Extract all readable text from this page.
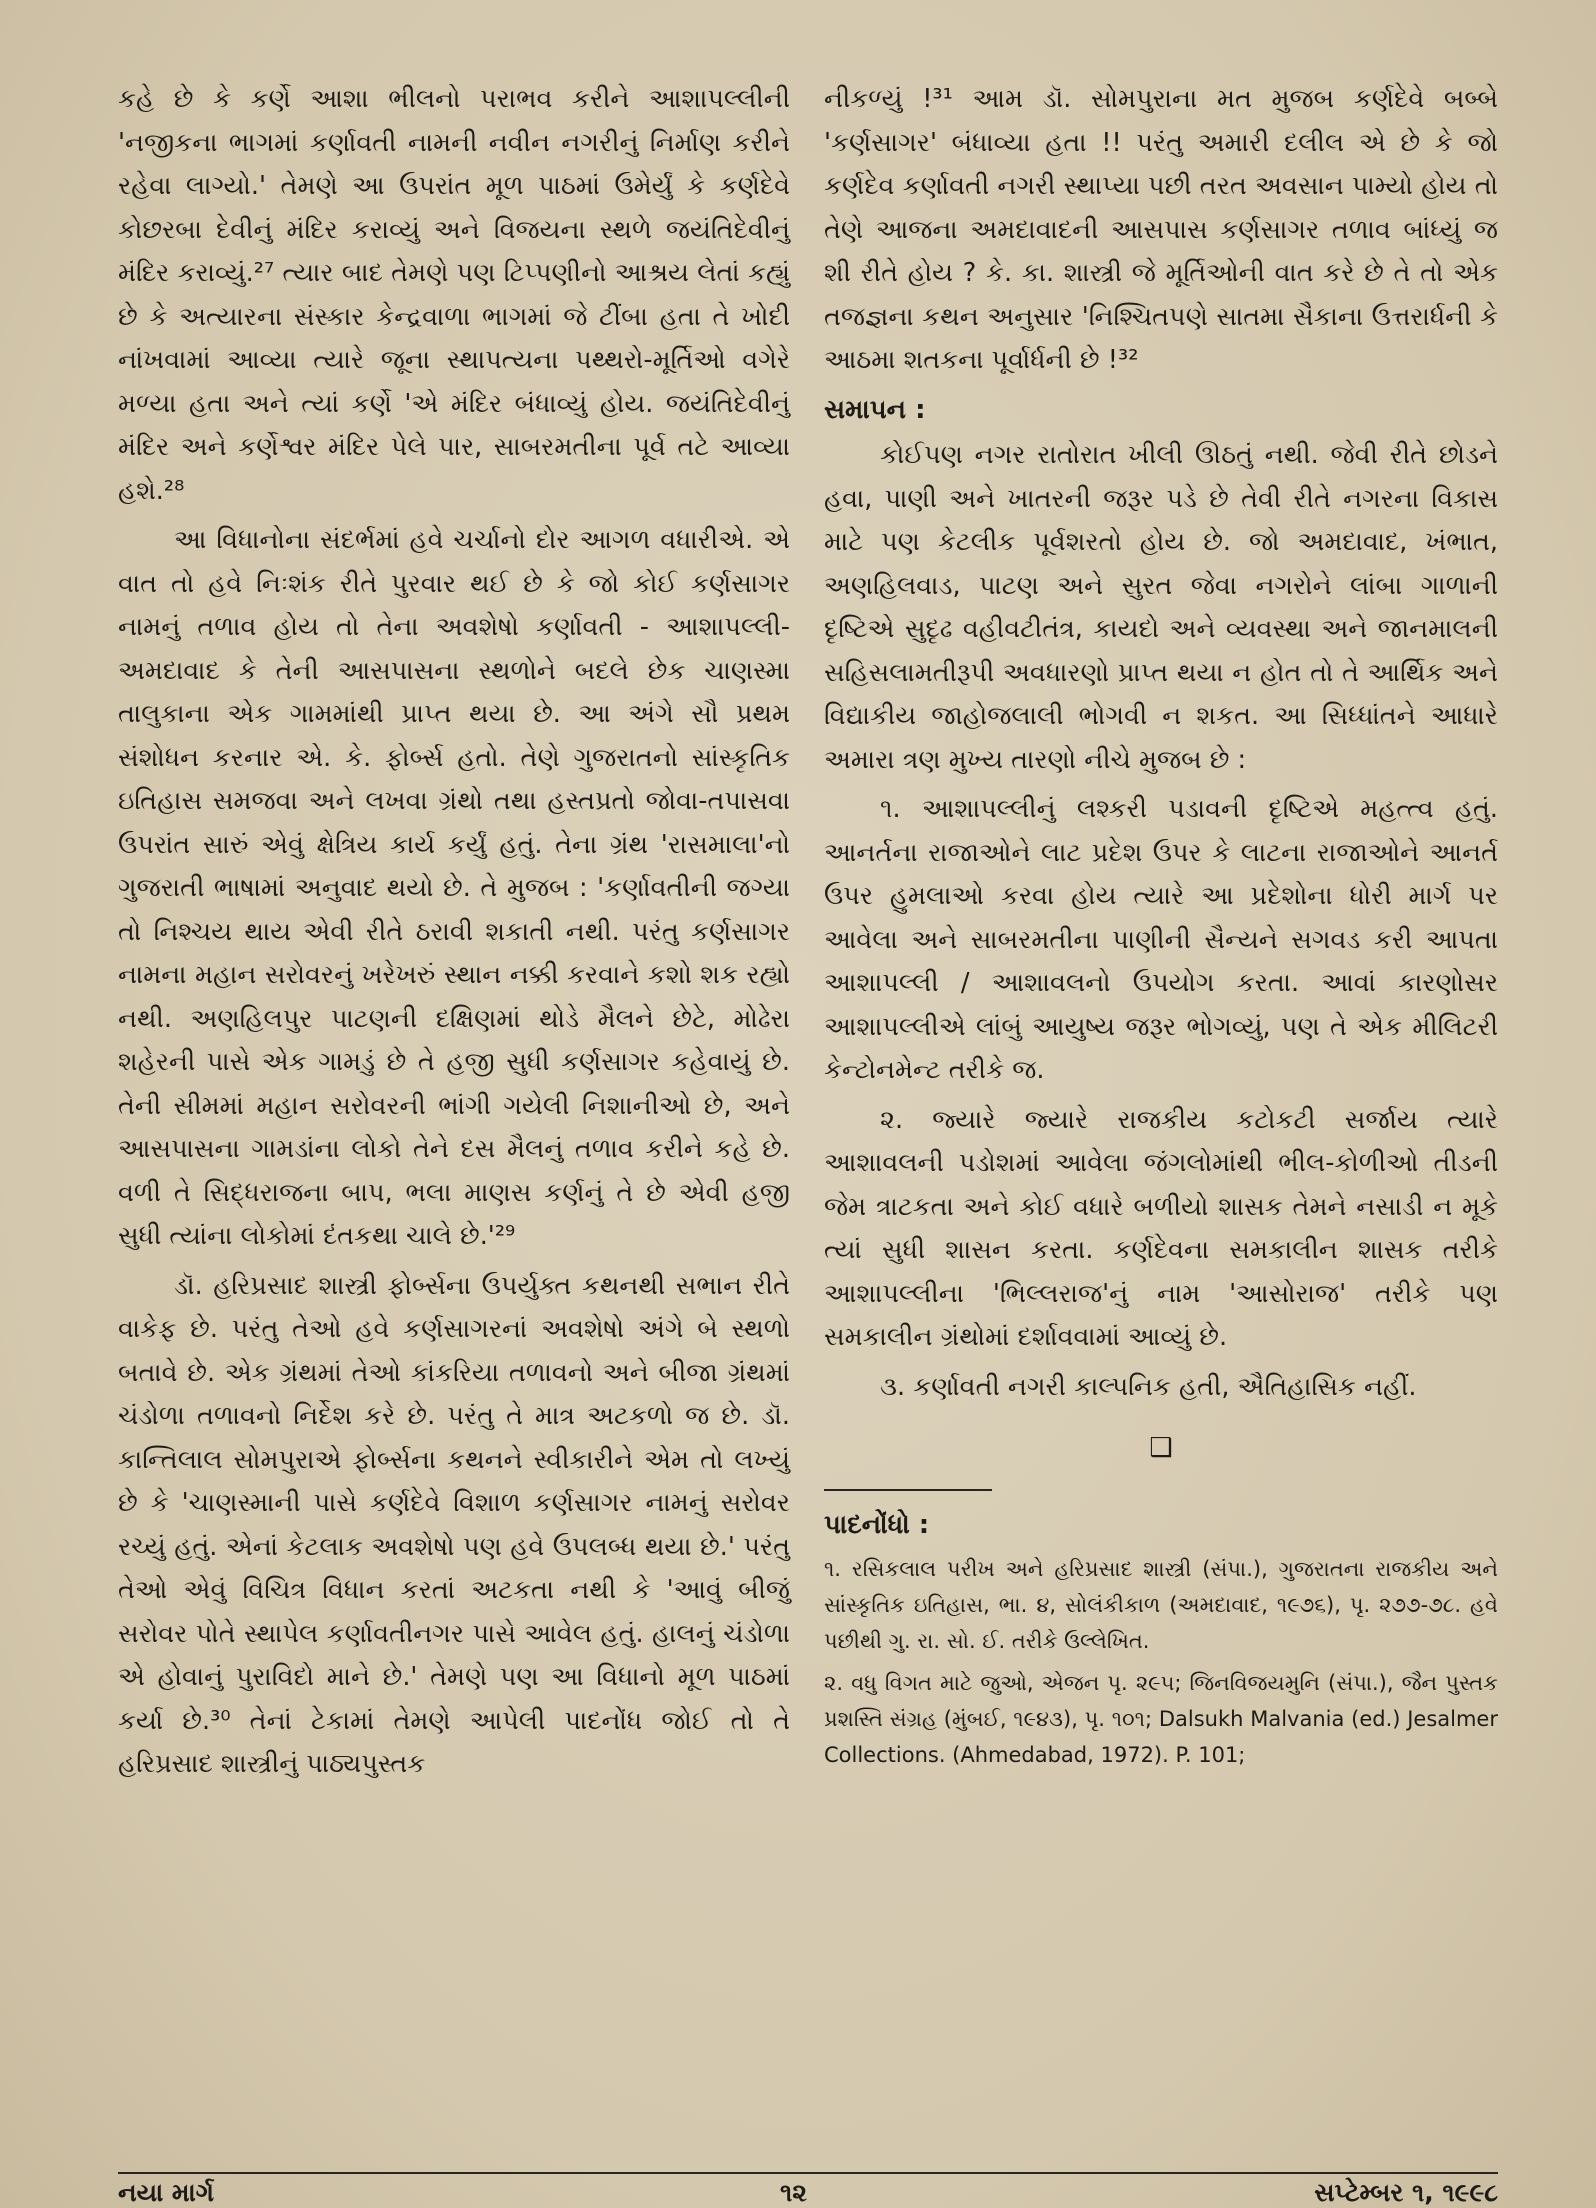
કહે છે કે કર્ણે આશા ભીલનો પરાભવ કરીને આશાપલ્લીની 'નજીકના ભાગમાં કર્ણાવતી નામની નવીન નગરીનું નિર્માણ કરીને રહેવા લાગ્યો.' તેમણે આ ઉપરાંત મૂળ પાઠમાં ઉમેર્યું કે કર્ણદેવે કોછરબા દેવીનું મંદિર કરાવ્યું અને વિજયના સ્થળે જયંતિદેવીનું મંદિર કરાવ્યું.²⁷ ત્યાર બાદ તેમણે પણ ટિપ્પણીનો આશ્રય લેતાં કહ્યું છે કે અત્યારના સંસ્કાર કેન્દ્રવાળા ભાગમાં જે ટીંબા હતા તે ખોદી નાંખવામાં આવ્યા ત્યારે જૂના સ્થાપત્યના પથ્થરો-મૂર્તિઓ વગેરે મળ્યા હતા અને ત્યાં કર્ણે 'એ મંદિર બંધાવ્યું હોય. જયંતિદેવીનું મંદિર અને કર્ણેશ્વર મંદિર પેલે પાર, સાબરમતીના પૂર્વ તટે આવ્યા હશે.²⁸

આ વિધાનોના સંદર્ભમાં હવે ચર્ચાનો દોર આગળ વધારીએ. એ વાત તો હવે નિઃશંક રીતે પુરવાર થઈ છે કે જો કોઈ કર્ણસાગર નામનું તળાવ હોય તો તેના અવશેષો કર્ણાવતી - આશાપલ્લી-અમદાવાદ કે તેની આસપાસના સ્થળોને બદલે છેક ચાણસ્મા તાલુકાના એક ગામમાંથી પ્રાપ્ત થયા છે. આ અંગે સૌ પ્રથમ સંશોધન કરનાર એ. કે. ફોર્બ્સ હતો. તેણે ગુજરાતનો સાંસ્કૃતિક ઇતિહાસ સમજવા અને લખવા ગ્રંથો તથા હસ્તપ્રતો જોવા-તપાસવા ઉપરાંત સારું એવું ક્ષેત્રિય કાર્ય કર્યું હતું. તેના ગ્રંથ 'રાસમાલા'નો ગુજરાતી ભાષામાં અનુવાદ થયો છે. તે મુજબ : 'કર્ણાવતીની જગ્યા તો નિશ્ચય થાય એવી રીતે ઠરાવી શકાતી નથી. પરંતુ કર્ણસાગર નામના મહાન સરોવરનું ખરેખરું સ્થાન નક્કી કરવાને કશો શક રહ્યો નથી. અણહિલપુર પાટણની દક્ષિણમાં થોડે મૈલને છેટે, મોઢેરા શહેરની પાસે એક ગામડું છે તે હજી સુધી કર્ણસાગર કહેવાયું છે. તેની સીમમાં મહાન સરોવરની ભાંગી ગયેલી નિશાનીઓ છે, અને આસપાસના ગામડાંના લોકો તેને દસ મૈલનું તળાવ કરીને કહે છે. વળી તે સિદ્ધરાજના બાપ, ભલા માણસ કર્ણનું તે છે એવી હજી સુધી ત્યાંના લોકોમાં દંતકથા ચાલે છે.'²⁹

ડૉ. હરિપ્રસાદ શાસ્ત્રી ફોર્બ્સના ઉપર્યુક્ત કથનથી સભાન રીતે વાકેફ છે. પરંતુ તેઓ હવે કર્ણસાગરનાં અવશેષો અંગે બે સ્થળો બતાવે છે. એક ગ્રંથમાં તેઓ કાંકરિયા તળાવનો અને બીજા ગ્રંથમાં ચંડોળા તળાવનો નિર્દેશ કરે છે. પરંતુ તે માત્ર અટકળો જ છે. ડૉ. કાન્તિલાલ સોમપુરાએ ફોર્બ્સના કથનને સ્વીકારીને એમ તો લખ્યું છે કે 'ચાણસ્માની પાસે કર્ણદેવે વિશાળ કર્ણસાગર નામનું સરોવર રચ્યું હતું. એનાં કેટલાક અવશેષો પણ હવે ઉપલબ્ધ થયા છે.' પરંતુ તેઓ એવું વિચિત્ર વિધાન કરતાં અટકતા નથી કે 'આવું બીજું સરોવર પોતે સ્થાપેલ કર્ણાવતીનગર પાસે આવેલ હતું. હાલનું ચંડોળા એ હોવાનું પુરાવિદો માને છે.' તેમણે પણ આ વિધાનો મૂળ પાઠમાં કર્યા છે.³⁰ તેનાં ટેકામાં તેમણે આપેલી પાદનોંધ જોઈ તો તે હરિપ્રસાદ શાસ્ત્રીનું પાઠ્યપુસ્તક

નીકળ્યું !³¹ આમ ડૉ. સોમપુરાના મત મુજબ કર્ણદેવે બબ્બે 'કર્ણસાગર' બંધાવ્યા હતા !! પરંતુ અમારી દલીલ એ છે કે જો કર્ણદેવ કર્ણાવતી નગરી સ્થાપ્યા પછી તરત અવસાન પામ્યો હોય તો તેણે આજના અમદાવાદની આસપાસ કર્ણસાગર તળાવ બાંધ્યું જ શી રીતે હોય ? કે. કા. શાસ્ત્રી જે મૂર્તિઓની વાત કરે છે તે તો એક તજજ્ઞના કથન અનુસાર 'નિશ્ચિતપણે સાતમા સૈકાના ઉત્તરાર્ધની કે આઠમા શતકના પૂર્વાર્ધની છે !³²

સમાપન :

કોઈપણ નગર રાતોરાત ખીલી ઊઠતું નથી. જેવી રીતે છોડને હવા, પાણી અને ખાતરની જરૂર પડે છે તેવી રીતે નગરના વિકાસ માટે પણ કેટલીક પૂર્વશરતો હોય છે. જો અમદાવાદ, ખંભાત, અણહિલવાડ, પાટણ અને સુરત જેવા નગરોને લાંબા ગાળાની દૃષ્ટિએ સુદૃઢ વહીવટીતંત્ર, કાયદો અને વ્યવસ્થા અને જાનમાલની સહિસલામતીરૂપી અવધારણો પ્રાપ્ત થયા ન હોત તો તે આર્થિક અને વિદ્યાકીય જાહોજલાલી ભોગવી ન શકત. આ સિધ્ધાંતને આધારે અમારા ત્રણ મુખ્ય તારણો નીચે મુજબ છે :

૧. આશાપલ્લીનું લશ્કરી પડાવની દૃષ્ટિએ મહત્ત્વ હતું. આનર્તના રાજાઓને લાટ પ્રદેશ ઉપર કે લાટના રાજાઓને આનર્ત ઉપર હુમલાઓ કરવા હોય ત્યારે આ પ્રદેશોના ધોરી માર્ગ પર આવેલા અને સાબરમતીના પાણીની સૈન્યને સગવડ કરી આપતા આશાપલ્લી / આશાવલનો ઉપયોગ કરતા. આવાં કારણોસર આશાપલ્લીએ લાંબું આયુષ્ય જરૂર ભોગવ્યું, પણ તે એક મીલિટરી કેન્ટોનમેન્ટ તરીકે જ.

૨. જ્યારે જ્યારે રાજકીય કટોકટી સર્જાય ત્યારે આશાવલની પડોશમાં આવેલા જંગલોમાંથી ભીલ-કોળીઓ તીડની જેમ ત્રાટકતા અને કોઈ વધારે બળીયો શાસક તેમને નસાડી ન મૂકે ત્યાં સુધી શાસન કરતા. કર્ણદેવના સમકાલીન શાસક તરીકે આશાપલ્લીના 'ભિલ્લરાજ'નું નામ 'આસોરાજ' તરીકે પણ સમકાલીન ગ્રંથોમાં દર્શાવવામાં આવ્યું છે.

૩. કર્ણાવતી નગરી કાલ્પનિક હતી, ઐતિહાસિક નહીં.

❑
પાદનોંધો :

૧. રસિકલાલ પરીખ અને હરિપ્રસાદ શાસ્ત્રી (સંપા.), ગુજરાતના રાજકીય અને સાંસ્કૃતિક ઇતિહાસ, ભા. ૪, સોલંકીકાળ (અમદાવાદ, ૧૯૭૬), પૃ. ૨૭૭-૭૮. હવે પછીથી ગુ. રા. સો. ઈ. તરીકે ઉલ્લેખિત.

૨. વધુ વિગત માટે જુઓ, એજન પૃ. ૨૯૫; જિનવિજયમુનિ (સંપા.), જૈન પુસ્તક પ્રશસ્તિ સંગ્રહ (મુંબઈ, ૧૯૪૩), પૃ. ૧૦૧; Dalsukh Malvania (ed.) Jesalmer Collections. (Ahmedabad, 1972). P. 101;

નયા માર્ગ	૧૨	સપ્ટેમ્બર ૧, ૧૯૯૮
